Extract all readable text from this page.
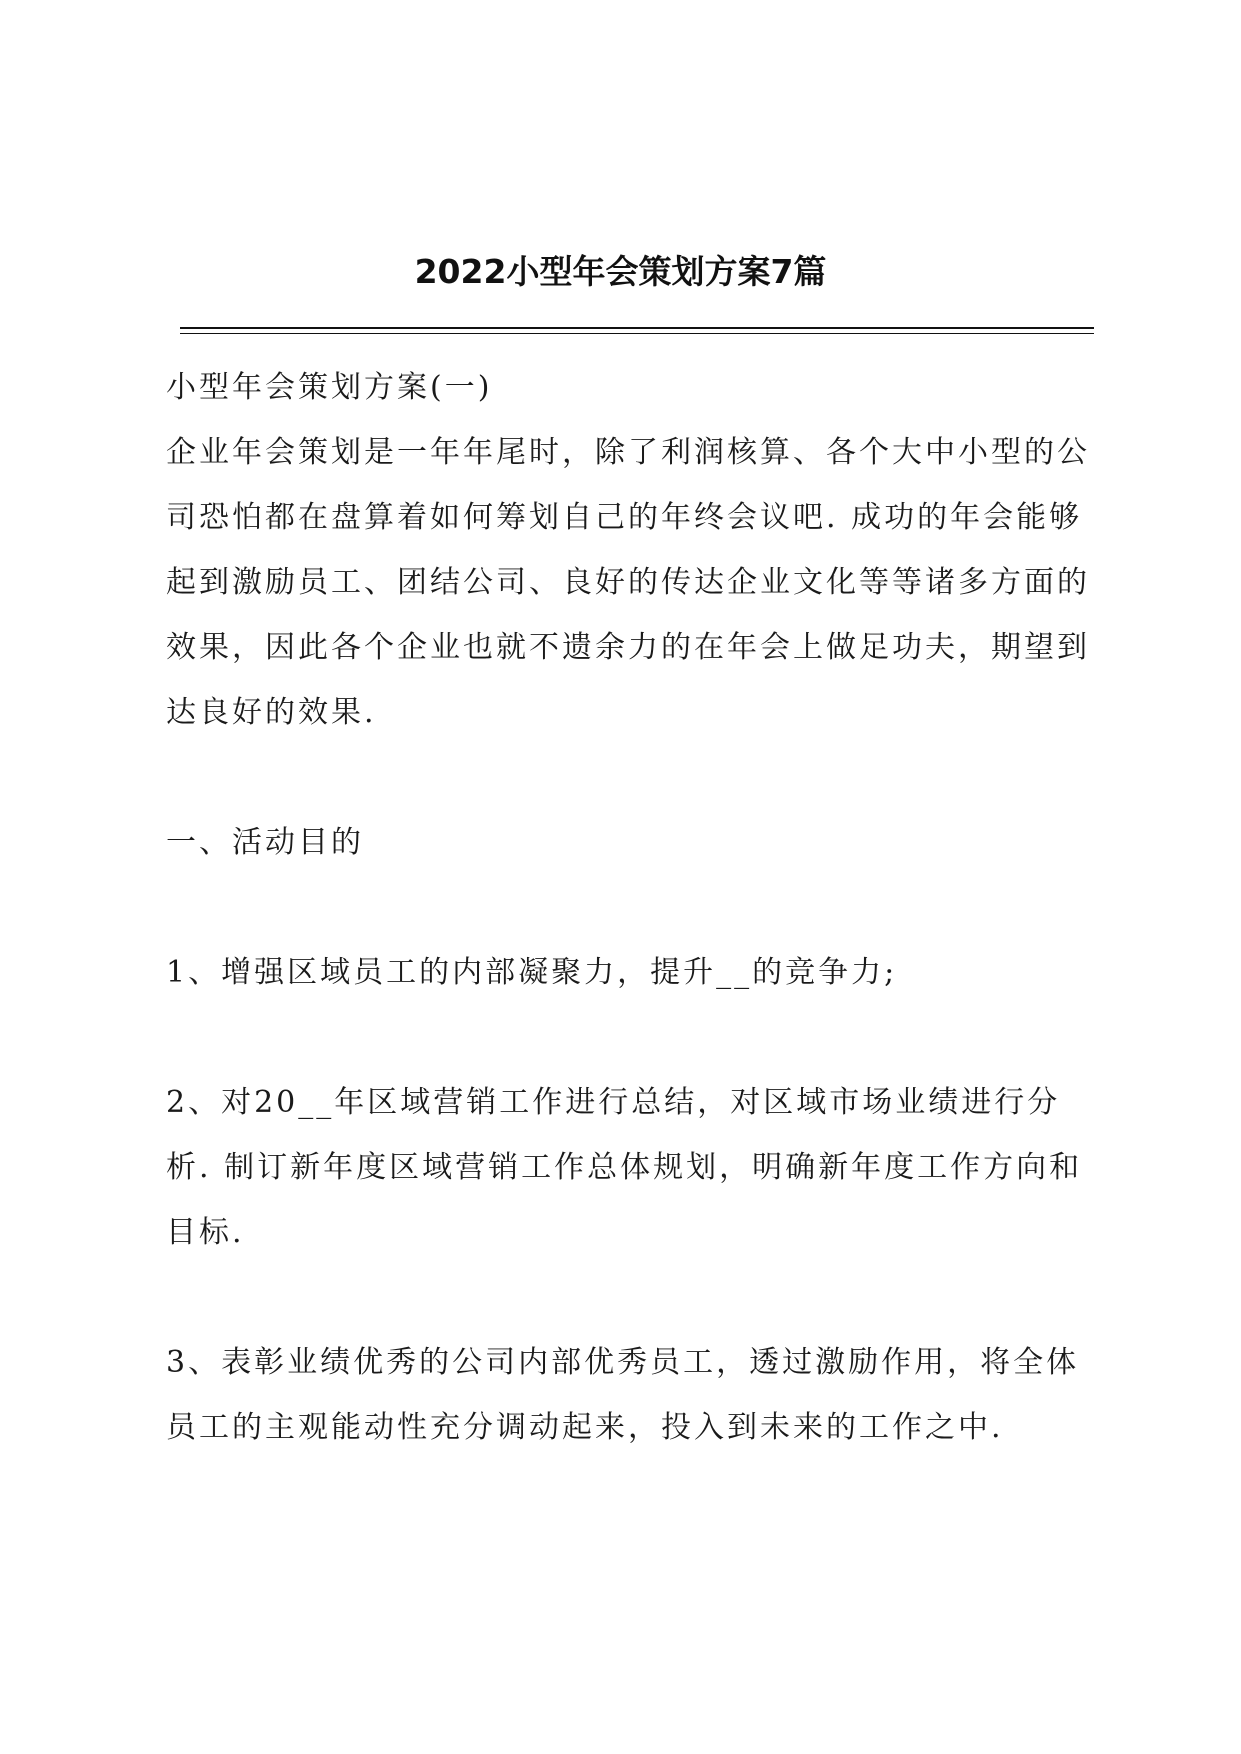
2022小型年会策划方案7篇

小型年会策划方案(一)

企业年会策划是一年年尾时，除了利润核算、各个大中小型的公司恐怕都在盘算着如何筹划自己的年终会议吧. 成功的年会能够起到激励员工、团结公司、良好的传达企业文化等等诸多方面的效果，因此各个企业也就不遗余力的在年会上做足功夫，期望到达良好的效果.

一、活动目的

1、增强区域员工的内部凝聚力，提升__的竞争力;

2、对20__年区域营销工作进行总结，对区域市场业绩进行分析. 制订新年度区域营销工作总体规划，明确新年度工作方向和目标.

3、表彰业绩优秀的公司内部优秀员工，透过激励作用，将全体员工的主观能动性充分调动起来，投入到未来的工作之中.
